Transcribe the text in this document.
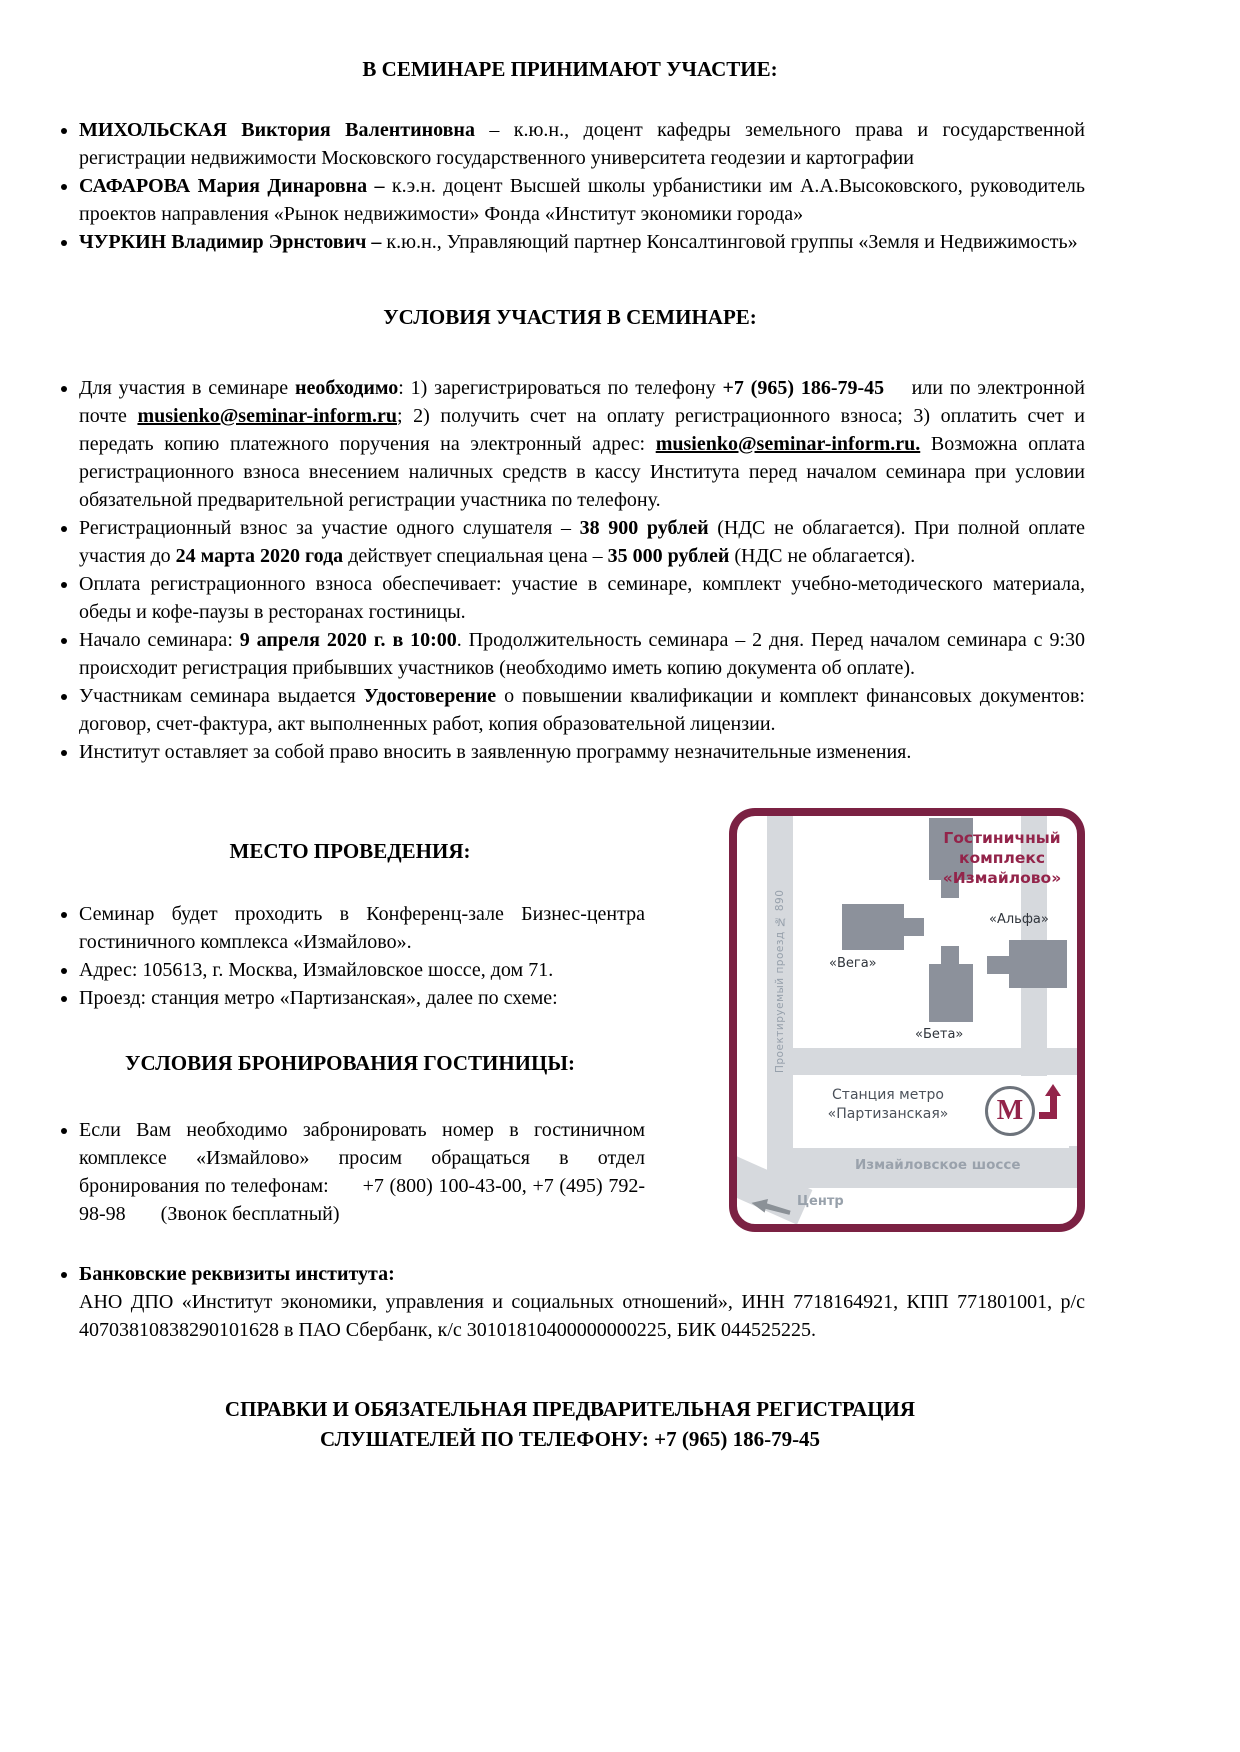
В СЕМИНАРЕ ПРИНИМАЮТ УЧАСТИЕ:
• МИХОЛЬСКАЯ Виктория Валентиновна – к.ю.н., доцент кафедры земельного права и государственной регистрации недвижимости Московского государственного университета геодезии и картографии
• САФАРОВА Мария Динаровна – к.э.н. доцент Высшей школы урбанистики им А.А.Высоковского, руководитель проектов направления «Рынок недвижимости» Фонда «Институт экономики города»
• ЧУРКИН Владимир Эрнстович – к.ю.н., Управляющий партнер Консалтинговой группы «Земля и Недвижимость»
УСЛОВИЯ УЧАСТИЯ В СЕМИНАРЕ:
• Для участия в семинаре необходимо: 1) зарегистрироваться по телефону +7 (965) 186-79-45    или по электронной почте musienko@seminar-inform.ru; 2) получить счет на оплату регистрационного взноса; 3) оплатить счет и передать копию платежного поручения на электронный адрес: musienko@seminar-inform.ru. Возможна оплата регистрационного взноса внесением наличных средств в кассу Института перед началом семинара при условии обязательной предварительной регистрации участника по телефону.
• Регистрационный взнос за участие одного слушателя – 38 900 рублей (НДС не облагается). При полной оплате участия до 24 марта 2020 года действует специальная цена – 35 000 рублей (НДС не облагается).
• Оплата регистрационного взноса обеспечивает: участие в семинаре, комплект учебно-методического материала, обеды и кофе-паузы в ресторанах гостиницы.
• Начало семинара: 9 апреля 2020 г. в 10:00. Продолжительность семинара – 2 дня. Перед началом семинара с 9:30 происходит регистрация прибывших участников (необходимо иметь копию документа об оплате).
• Участникам семинара выдается Удостоверение о повышении квалификации и комплект финансовых документов: договор, счет-фактура, акт выполненных работ, копия образовательной лицензии.
• Институт оставляет за собой право вносить в заявленную программу незначительные изменения.
МЕСТО ПРОВЕДЕНИЯ:
• Семинар будет проходить в Конференц-зале Бизнес-центра гостиничного комплекса «Измайлово».
• Адрес: 105613, г. Москва, Измайловское шоссе, дом 71.
• Проезд: станция метро «Партизанская», далее по схеме:
УСЛОВИЯ БРОНИРОВАНИЯ ГОСТИНИЦЫ:
• Если Вам необходимо забронировать номер в гостиничном комплексе «Измайлово» просим обращаться в отдел бронирования по телефонам:      +7 (800) 100-43-00, +7 (495) 792-98-98       (Звонок бесплатный)
Проектируемый проезд № 890	«Вега»
«Бета»
«Альфа»
Гостиничный
комплекс
«Измайлово»
Станция метро
«Партизанская»	М
Измайловское шоссе
Центр
• Банковские реквизиты института:
АНО ДПО «Институт экономики, управления и социальных отношений», ИНН 7718164921, КПП 771801001, р/с 40703810838290101628 в ПАО Сбербанк, к/с 30101810400000000225, БИК 044525225.

СПРАВКИ И ОБЯЗАТЕЛЬНАЯ ПРЕДВАРИТЕЛЬНАЯ РЕГИСТРАЦИЯ СЛУШАТЕЛЕЙ ПО ТЕЛЕФОНУ: +7 (965) 186-79-45
